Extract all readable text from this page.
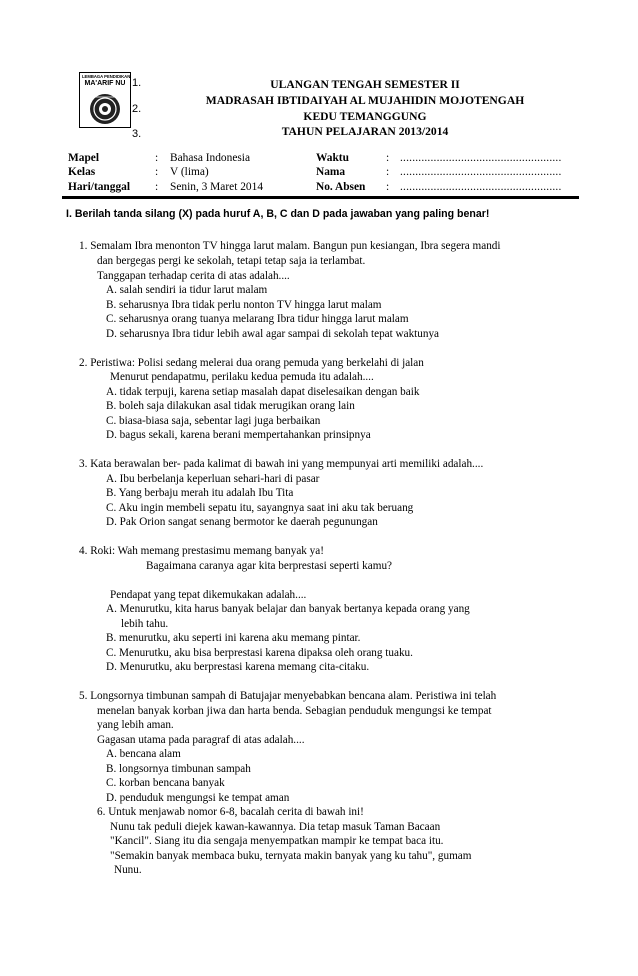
LEMBAGA PENDIDIKAN
MA'ARIF NU 1.
2.
3.
ULANGAN TENGAH SEMESTER II
MADRASAH IBTIDAIYAH AL MUJAHIDIN MOJOTENGAH
KEDU TEMANGGUNG
TAHUN PELAJARAN 2013/2014
Mapel	: Bahasa Indonesia
Kelas	: V (lima)
Hari/tanggal : Senin, 3 Maret 2014
Waktu	: .....................................................
Nama	: .....................................................
No. Absen : .....................................................
I. Berilah tanda silang (X) pada huruf A, B, C dan D pada jawaban yang paling benar!
1. Semalam Ibra menonton TV hingga larut malam. Bangun pun kesiangan, Ibra segera mandi
dan bergegas pergi ke sekolah, tetapi tetap saja ia terlambat.
Tanggapan terhadap cerita di atas adalah....
A. salah sendiri ia tidur larut malam
B. seharusnya Ibra tidak perlu nonton TV hingga larut malam
C. seharusnya orang tuanya melarang Ibra tidur hingga larut malam
D. seharusnya Ibra tidur lebih awal agar sampai di sekolah tepat waktunya
2. Peristiwa: Polisi sedang melerai dua orang pemuda yang berkelahi di jalan
Menurut pendapatmu, perilaku kedua pemuda itu adalah....
A. tidak terpuji, karena setiap masalah dapat diselesaikan dengan baik
B. boleh saja dilakukan asal tidak merugikan orang lain
C. biasa-biasa saja, sebentar lagi juga berbaikan
D. bagus sekali, karena berani mempertahankan prinsipnya
3. Kata berawalan ber- pada kalimat di bawah ini yang mempunyai arti memiliki adalah....
A. Ibu berbelanja keperluan sehari-hari di pasar
B. Yang berbaju merah itu adalah Ibu Tita
C. Aku ingin membeli sepatu itu, sayangnya saat ini aku tak beruang
D. Pak Orion sangat senang bermotor ke daerah pegunungan
4. Roki: Wah memang prestasimu memang banyak ya!
Bagaimana caranya agar kita berprestasi seperti kamu?
Pendapat yang tepat dikemukakan adalah....
A. Menurutku, kita harus banyak belajar dan banyak bertanya kepada orang yang
lebih tahu.
B. menurutku, aku seperti ini karena aku memang pintar.
C. Menurutku, aku bisa berprestasi karena dipaksa oleh orang tuaku.
D. Menurutku, aku berprestasi karena memang cita-citaku.
5. Longsornya timbunan sampah di Batujajar menyebabkan bencana alam. Peristiwa ini telah
menelan banyak korban jiwa dan harta benda. Sebagian penduduk mengungsi ke tempat
yang lebih aman.
Gagasan utama pada paragraf di atas adalah....
A. bencana alam
B. longsornya timbunan sampah
C. korban bencana banyak
D. penduduk mengungsi ke tempat aman
6. Untuk menjawab nomor 6-8, bacalah cerita di bawah ini!
Nunu tak peduli diejek kawan-kawannya. Dia tetap masuk Taman Bacaan
"Kancil". Siang itu dia sengaja menyempatkan mampir ke tempat baca itu.
"Semakin banyak membaca buku, ternyata makin banyak yang ku tahu", gumam
Nunu.
